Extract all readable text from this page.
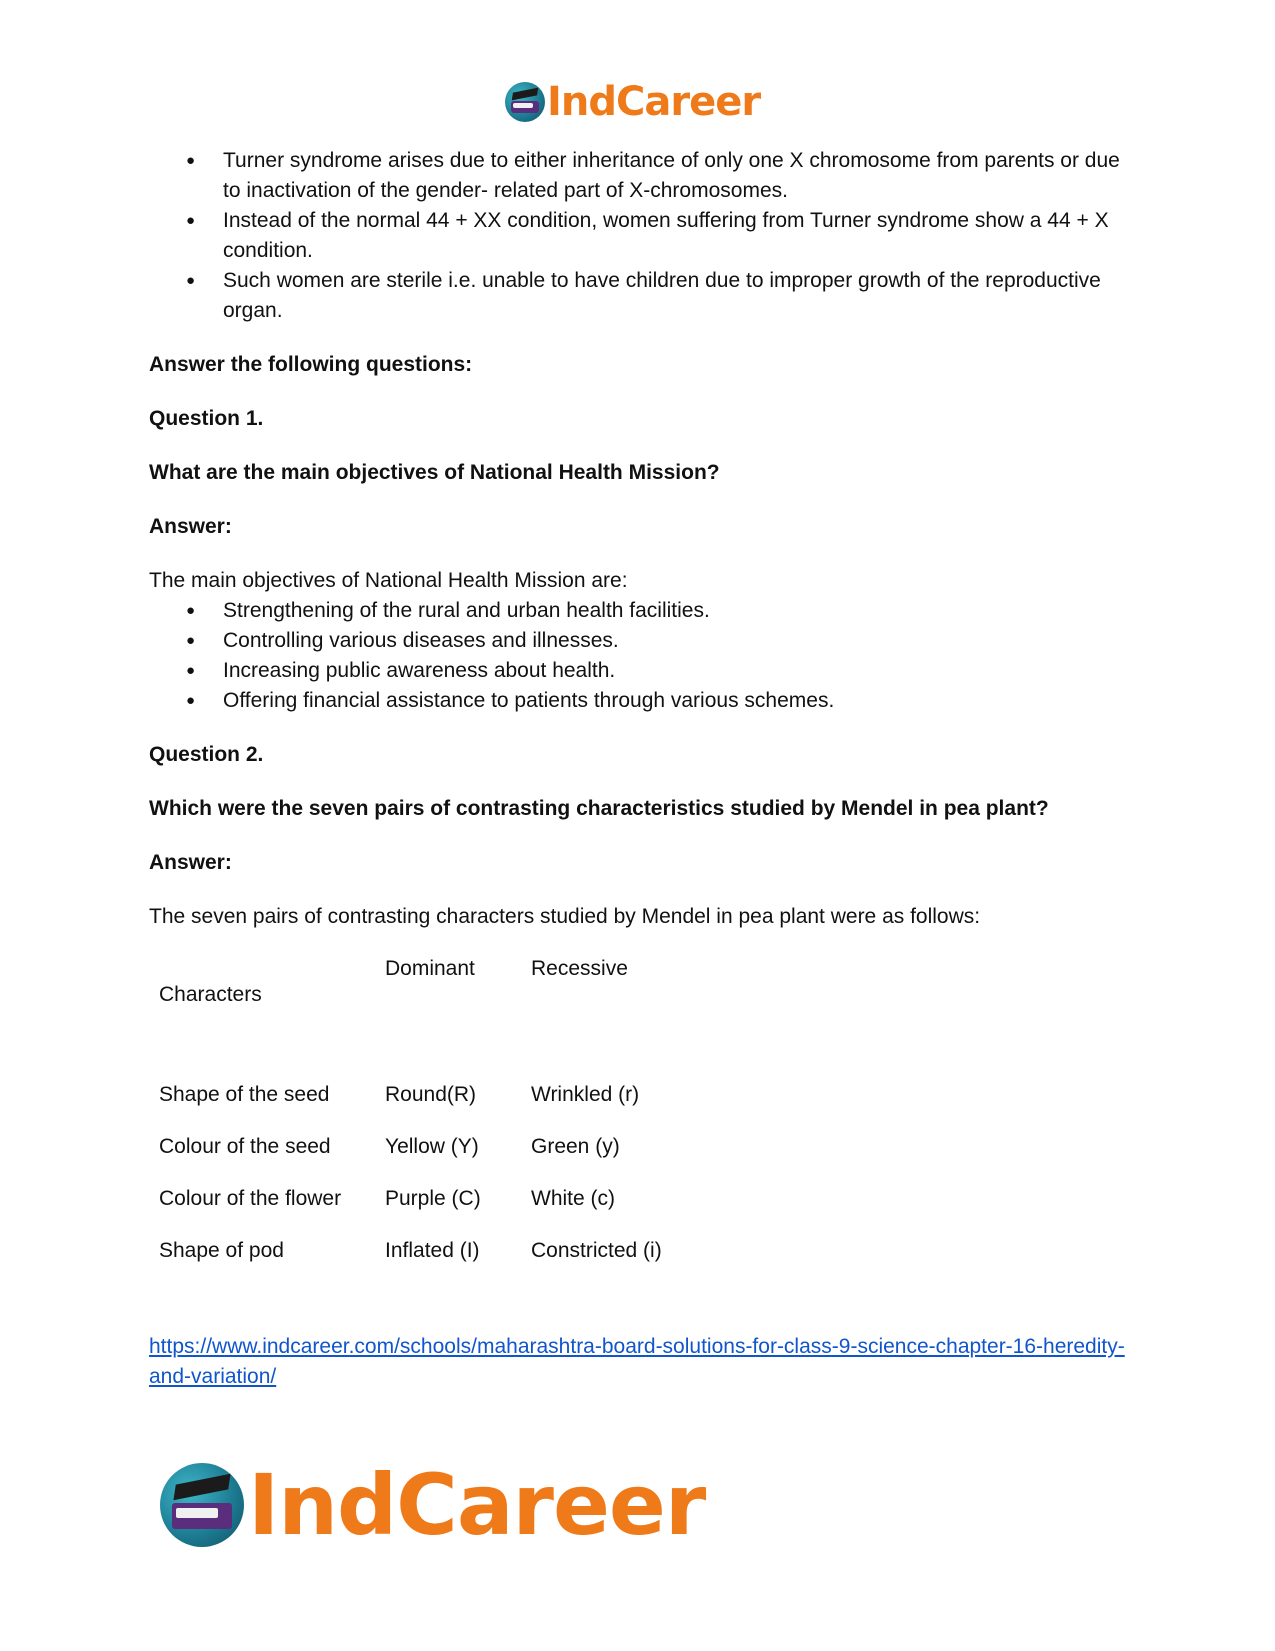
IndCareer
● Turner syndrome arises due to either inheritance of only one X chromosome from parents or due to inactivation of the gender- related part of X-chromosomes.
● Instead of the normal 44 + XX condition, women suffering from Turner syndrome show a 44 + X condition.
● Such women are sterile i.e. unable to have children due to improper growth of the reproductive organ.

Answer the following questions:

Question 1.

What are the main objectives of National Health Mission?

Answer:

The main objectives of National Health Mission are:

● Strengthening of the rural and urban health facilities.
● Controlling various diseases and illnesses.
● Increasing public awareness about health.
● Offering financial assistance to patients through various schemes.

Question 2.

Which were the seven pairs of contrasting characteristics studied by Mendel in pea plant?

Answer:

The seven pairs of contrasting characters studied by Mendel in pea plant were as follows:

Characters	Dominant	Recessive
Shape of the seed	Round(R)	Wrinkled (r)
Colour of the seed	Yellow (Y)	Green (y)
Colour of the flower	Purple (C)	White (c)
Shape of pod	Inflated (I)	Constricted (i)
https://www.indcareer.com/schools/maharashtra-board-solutions-for-class-9-science-chapter-16-heredity-and-variation/
IndCareer
